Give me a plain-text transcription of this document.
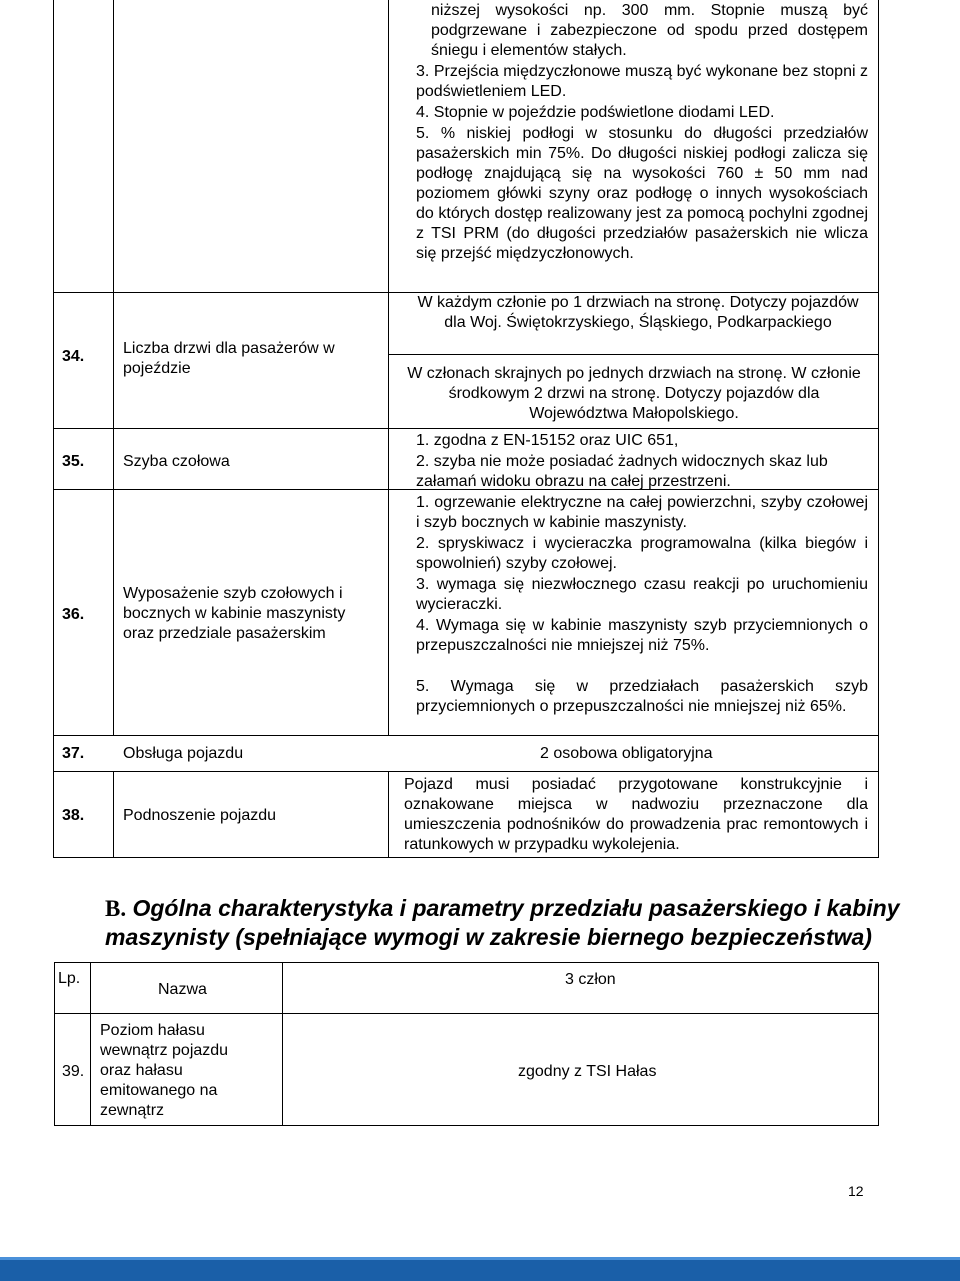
niższej wysokości np. 300 mm. Stopnie muszą być podgrzewane i zabezpieczone od spodu przed dostępem śniegu i elementów stałych.
3. Przejścia międzyczłonowe muszą być wykonane bez stopni z podświetleniem LED.
4. Stopnie w pojeździe podświetlone diodami LED.
5. % niskiej podłogi w stosunku do długości przedziałów pasażerskich min 75%. Do długości niskiej podłogi zalicza się podłogę znajdującą się na wysokości 760 ± 50 mm nad poziomem główki szyny oraz podłogę o innych wysokościach do których dostęp realizowany jest za pomocą pochylni zgodnej z TSI PRM (do długości przedziałów pasażerskich nie wlicza się przejść międzyczłonowych.
34. Liczba drzwi dla pasażerów w pojeździe
W każdym członie po 1 drzwiach na stronę. Dotyczy pojazdów dla Woj. Świętokrzyskiego, Śląskiego, Podkarpackiego
W członach skrajnych po jednych drzwiach na stronę. W członie środkowym 2 drzwi na stronę. Dotyczy pojazdów dla Województwa Małopolskiego.
35. Szyba czołowa
1. zgodna z EN-15152 oraz UIC 651,
2. szyba nie może posiadać żadnych widocznych skaz lub załamań widoku obrazu na całej przestrzeni.
36.
Wyposażenie szyb czołowych i bocznych w kabinie maszynisty oraz przedziale pasażerskim
1. ogrzewanie elektryczne na całej powierzchni, szyby czołowej i szyb bocznych w kabinie maszynisty.
2. spryskiwacz i wycieraczka programowalna (kilka biegów i spowolnień) szyby czołowej.
3. wymaga się niezwłocznego czasu reakcji po uruchomieniu wycieraczki.
4. Wymaga się w kabinie maszynisty szyb przyciemnionych o przepuszczalności nie mniejszej niż 75%.
5. Wymaga się w przedziałach pasażerskich szyb przyciemnionych o przepuszczalności nie mniejszej niż 65%.
37. Obsługa pojazdu	2 osobowa obligatoryjna
38. Podnoszenie pojazdu
Pojazd musi posiadać przygotowane konstrukcyjnie i oznakowane miejsca w nadwoziu przeznaczone dla umieszczenia podnośników do prowadzenia prac remontowych i ratunkowych w przypadku wykolejenia.
B. Ogólna charakterystyka i parametry przedziału pasażerskiego i kabiny maszynisty (spełniające wymogi w zakresie biernego bezpieczeństwa)
Lp.
Nazwa
3 człon
39.
Poziom hałasu wewnątrz pojazdu oraz hałasu emitowanego na zewnątrz
zgodny z TSI Hałas
12
